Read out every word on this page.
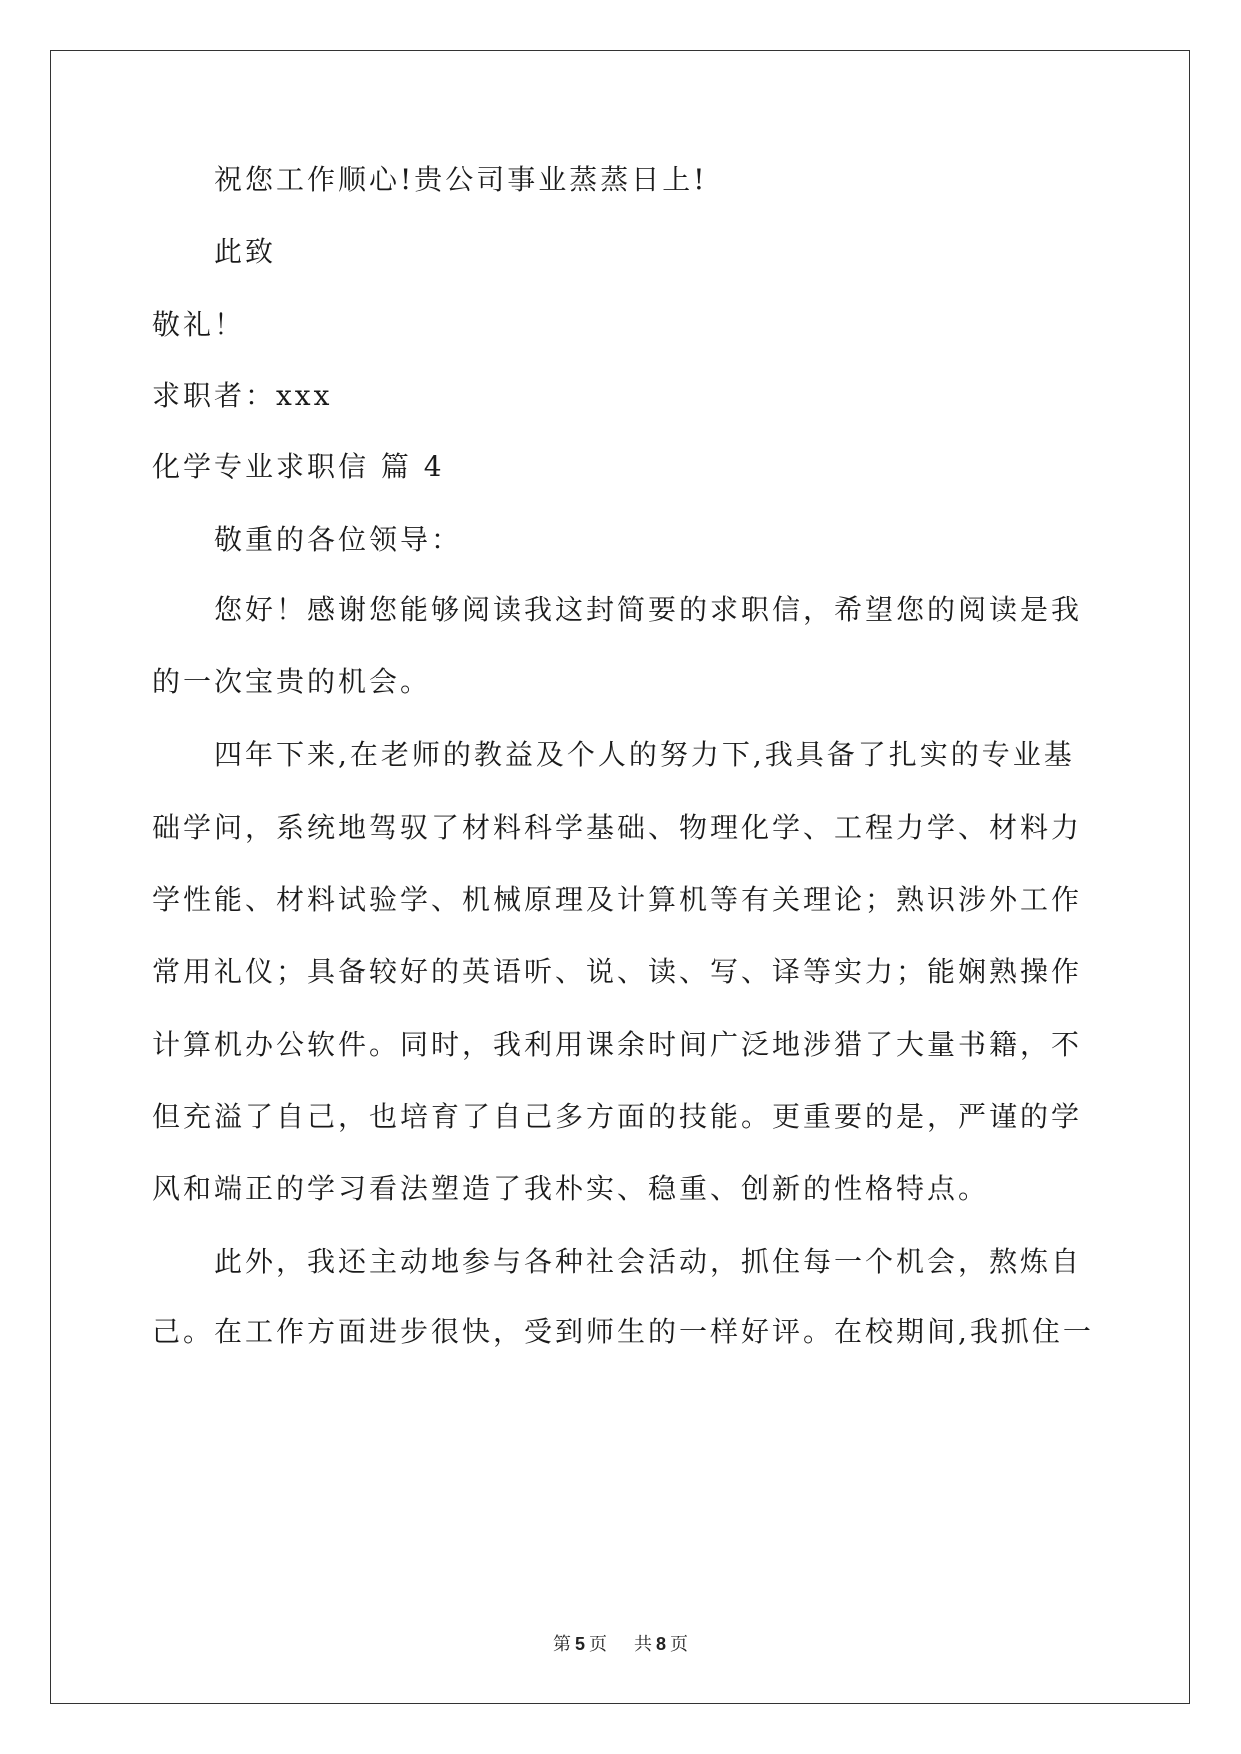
祝您工作顺心!贵公司事业蒸蒸日上!
此致
敬礼！
求职者：xxx
化学专业求职信 篇 4
敬重的各位领导：
您好！感谢您能够阅读我这封简要的求职信，希望您的阅读是我
的一次宝贵的机会。
四年下来,在老师的教益及个人的努力下,我具备了扎实的专业基
础学问，系统地驾驭了材料科学基础、物理化学、工程力学、材料力
学性能、材料试验学、机械原理及计算机等有关理论；熟识涉外工作
常用礼仪；具备较好的英语听、说、读、写、译等实力；能娴熟操作
计算机办公软件。同时，我利用课余时间广泛地涉猎了大量书籍，不
但充溢了自己，也培育了自己多方面的技能。更重要的是，严谨的学
风和端正的学习看法塑造了我朴实、稳重、创新的性格特点。
此外，我还主动地参与各种社会活动，抓住每一个机会，熬炼自
己。在工作方面进步很快，受到师生的一样好评。在校期间,我抓住一
第 5 页 共 8 页
